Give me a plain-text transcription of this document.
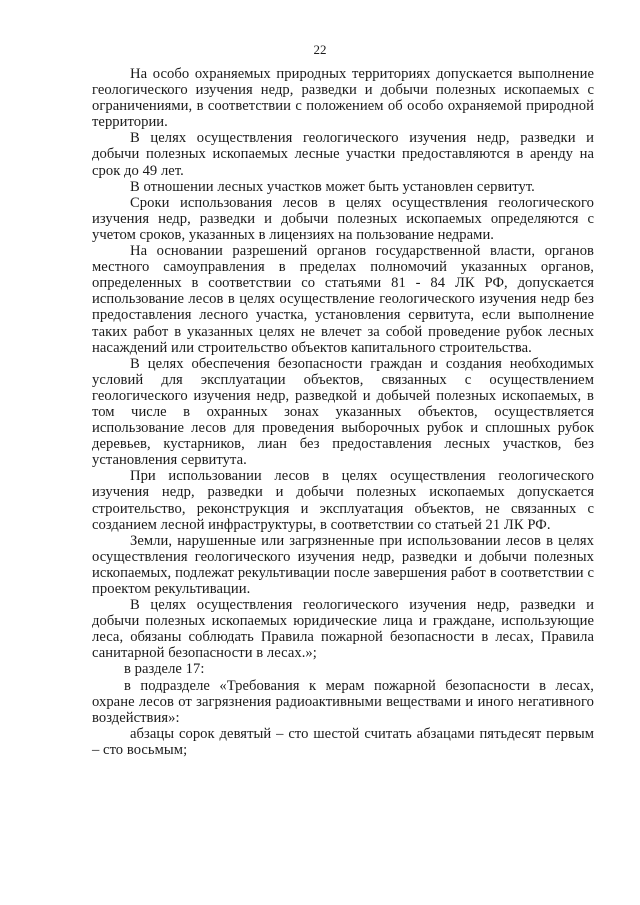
22

На особо охраняемых природных территориях допускается выполнение геологического изучения недр, разведки и добычи полезных ископаемых с ограничениями, в соответствии с положением об особо охраняемой природной территории.

В целях осуществления геологического изучения недр, разведки и добычи полезных ископаемых лесные участки предоставляются в аренду на срок до 49 лет.

В отношении лесных участков может быть установлен сервитут.

Сроки использования лесов в целях осуществления геологического изучения недр, разведки и добычи полезных ископаемых определяются с учетом сроков, указанных в лицензиях на пользование недрами.

На основании разрешений органов государственной власти, органов местного самоуправления в пределах полномочий указанных органов, определенных в соответствии со статьями 81 - 84 ЛК РФ, допускается использование лесов в целях осуществление геологического изучения недр без предоставления лесного участка, установления сервитута, если выполнение таких работ в указанных целях не влечет за собой проведение рубок лесных насаждений или строительство объектов капитального строительства.

В целях обеспечения безопасности граждан и создания необходимых условий для эксплуатации объектов, связанных с осуществлением геологического изучения недр, разведкой и добычей полезных ископаемых, в том числе в охранных зонах указанных объектов, осуществляется использование лесов для проведения выборочных рубок и сплошных рубок деревьев, кустарников, лиан без предоставления лесных участков, без установления сервитута.

При использовании лесов в целях осуществления геологического изучения недр, разведки и добычи полезных ископаемых допускается строительство, реконструкция и эксплуатация объектов, не связанных с созданием лесной инфраструктуры, в соответствии со статьей 21 ЛК РФ.

Земли, нарушенные или загрязненные при использовании лесов в целях осуществления геологического изучения недр, разведки и добычи полезных ископаемых, подлежат рекультивации после завершения работ в соответствии с проектом рекультивации.

В целях осуществления геологического изучения недр, разведки и добычи полезных ископаемых юридические лица и граждане, использующие леса, обязаны соблюдать Правила пожарной безопасности в лесах, Правила санитарной безопасности в лесах.»;

в разделе 17:

в подразделе «Требования к мерам пожарной безопасности в лесах, охране лесов от загрязнения радиоактивными веществами и иного негативного воздействия»:

абзацы сорок девятый – сто шестой считать абзацами пятьдесят первым – сто восьмым;
